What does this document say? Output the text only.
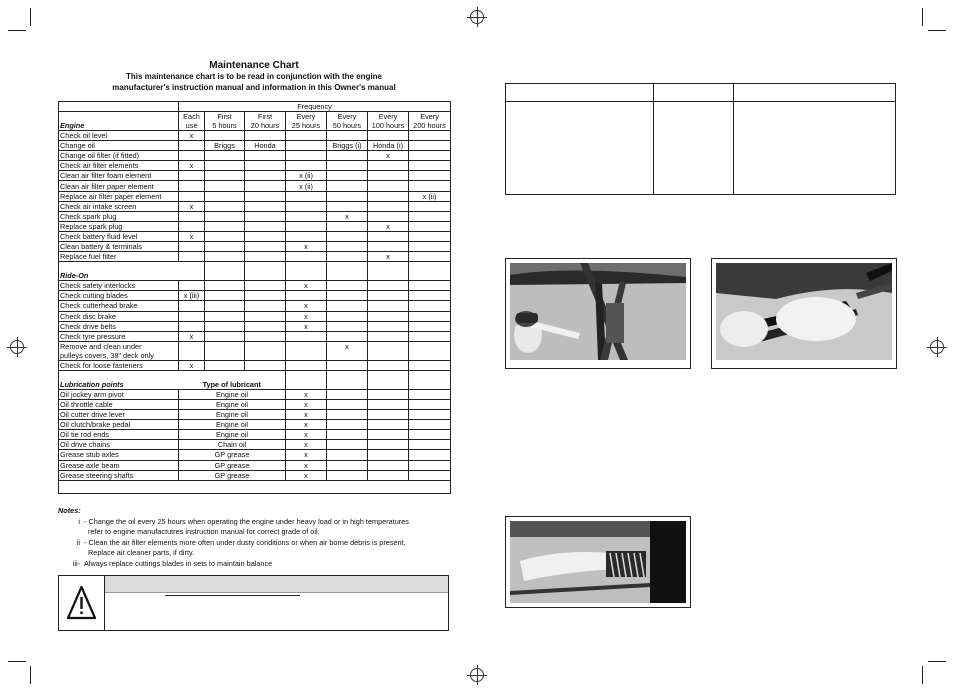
Maintenance Chart
This maintenance chart is to be read in conjunction with the engine
manufacturer's instruction manual and information in this Owner's manual
	Frequency						
	Each	First	First	Every	Every	Every	Every
Engine	use	5 hours	20 hours	25 hours	50 hours	100 hours	200 hours
Check oil level	x						
Change oil		Briggs	Honda		Briggs (i)	Honda (i)	
Change oil filter (if fitted)						x	
Check air filter elements	x						
Clean air filter foam element				x (ii)			
Clean air filter paper element				x (ii)			
Replace air filter paper element							x (ii)
Check air intake screen	x						
Check spark plug					x		
Replace spark plug						x	
Check battery fluid level	x						
Clean battery & terminals				x			
Replace fuel filter						x	
Ride-On							
Check safety interlocks				x			
Check cutting blades	x (iii)						
Check cutterhead brake				x			
Check disc brake				x			
Check drive belts				x			
Check tyre pressure	x						

Remove and clean under
pulleys covers, 38" deck only					x		
Check for loose fasteners	x						
Lubrication points	Type of lubricant						
Oil jockey arm pivot	Engine oil			x			
Oil throttle cable	Engine oil			x			
Oil cutter drive lever	Engine oil			x			
Oil clutch/brake pedal	Engine oil			x			
Oil tie rod ends	Engine oil			x			
Oil drive chains	Chain oil			x			
Grease stub axles	GP grease			x			
Grease axle beam	GP grease			x			
Grease steering shafts	GP grease			x			

Notes:
i - Change the oil every 25 hours when operating the engine under heavy load or in high temperatures
refer to engine manufactutres instruction manual for correct grade of oil.
ii - Clean the air filter elements more often under dusty conditions or when air borne debris is present.
Replace air cleaner parts, if dirty.
iii- Always replace cuttings blades in sets to maintain balance
